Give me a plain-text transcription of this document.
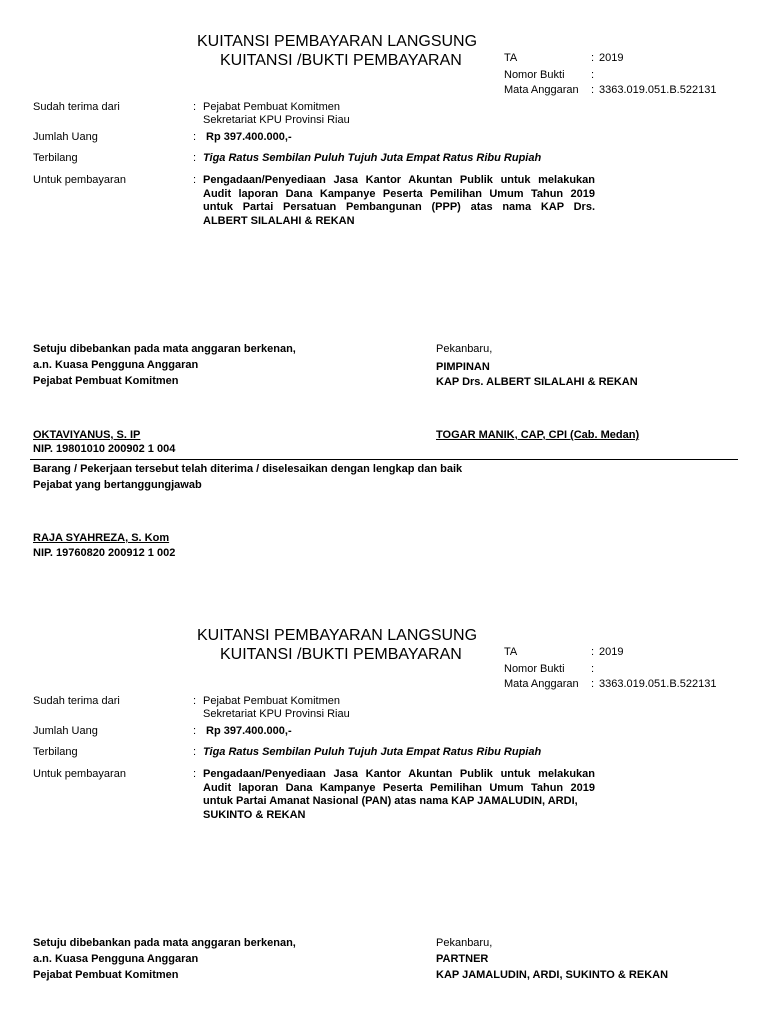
KUITANSI PEMBAYARAN LANGSUNG
KUITANSI /BUKTI PEMBAYARAN	TA	: 2019
Nomor Bukti :
Mata Anggaran : 3363.019.051.B.522131
Sudah terima dari	: Pejabat Pembuat Komitmen
Sekretariat KPU Provinsi Riau
Jumlah Uang	: Rp 397.400.000,-
Terbilang	: Tiga Ratus Sembilan Puluh Tujuh Juta Empat Ratus Ribu Rupiah
Untuk pembayaran	: Pengadaan/Penyediaan Jasa Kantor Akuntan Publik untuk melakukan
Audit laporan Dana Kampanye Peserta Pemilihan Umum Tahun 2019
untuk Partai Persatuan Pembangunan (PPP) atas nama KAP Drs.
ALBERT SILALAHI & REKAN
Setuju dibebankan pada mata anggaran berkenan,
a.n. Kuasa Pengguna Anggaran
Pejabat Pembuat Komitmen
Pekanbaru,
PIMPINAN
KAP Drs. ALBERT SILALAHI & REKAN
OKTAVIYANUS, S. IP
NIP. 19801010 200902 1 004
TOGAR MANIK, CAP, CPI (Cab. Medan)
Barang / Pekerjaan tersebut telah diterima / diselesaikan dengan lengkap dan baik
Pejabat yang bertanggungjawab
RAJA SYAHREZA, S. Kom
NIP. 19760820 200912 1 002
KUITANSI PEMBAYARAN LANGSUNG
KUITANSI /BUKTI PEMBAYARAN	TA	: 2019
Nomor Bukti :
Mata Anggaran : 3363.019.051.B.522131
Sudah terima dari	: Pejabat Pembuat Komitmen
Sekretariat KPU Provinsi Riau
Jumlah Uang	: Rp 397.400.000,-
Terbilang	: Tiga Ratus Sembilan Puluh Tujuh Juta Empat Ratus Ribu Rupiah
Untuk pembayaran	: Pengadaan/Penyediaan Jasa Kantor Akuntan Publik untuk melakukan
Audit laporan Dana Kampanye Peserta Pemilihan Umum Tahun 2019
untuk Partai Amanat Nasional (PAN) atas nama KAP JAMALUDIN, ARDI,
SUKINTO & REKAN
Setuju dibebankan pada mata anggaran berkenan,
a.n. Kuasa Pengguna Anggaran
Pejabat Pembuat Komitmen
Pekanbaru,
PARTNER
KAP JAMALUDIN, ARDI, SUKINTO & REKAN
